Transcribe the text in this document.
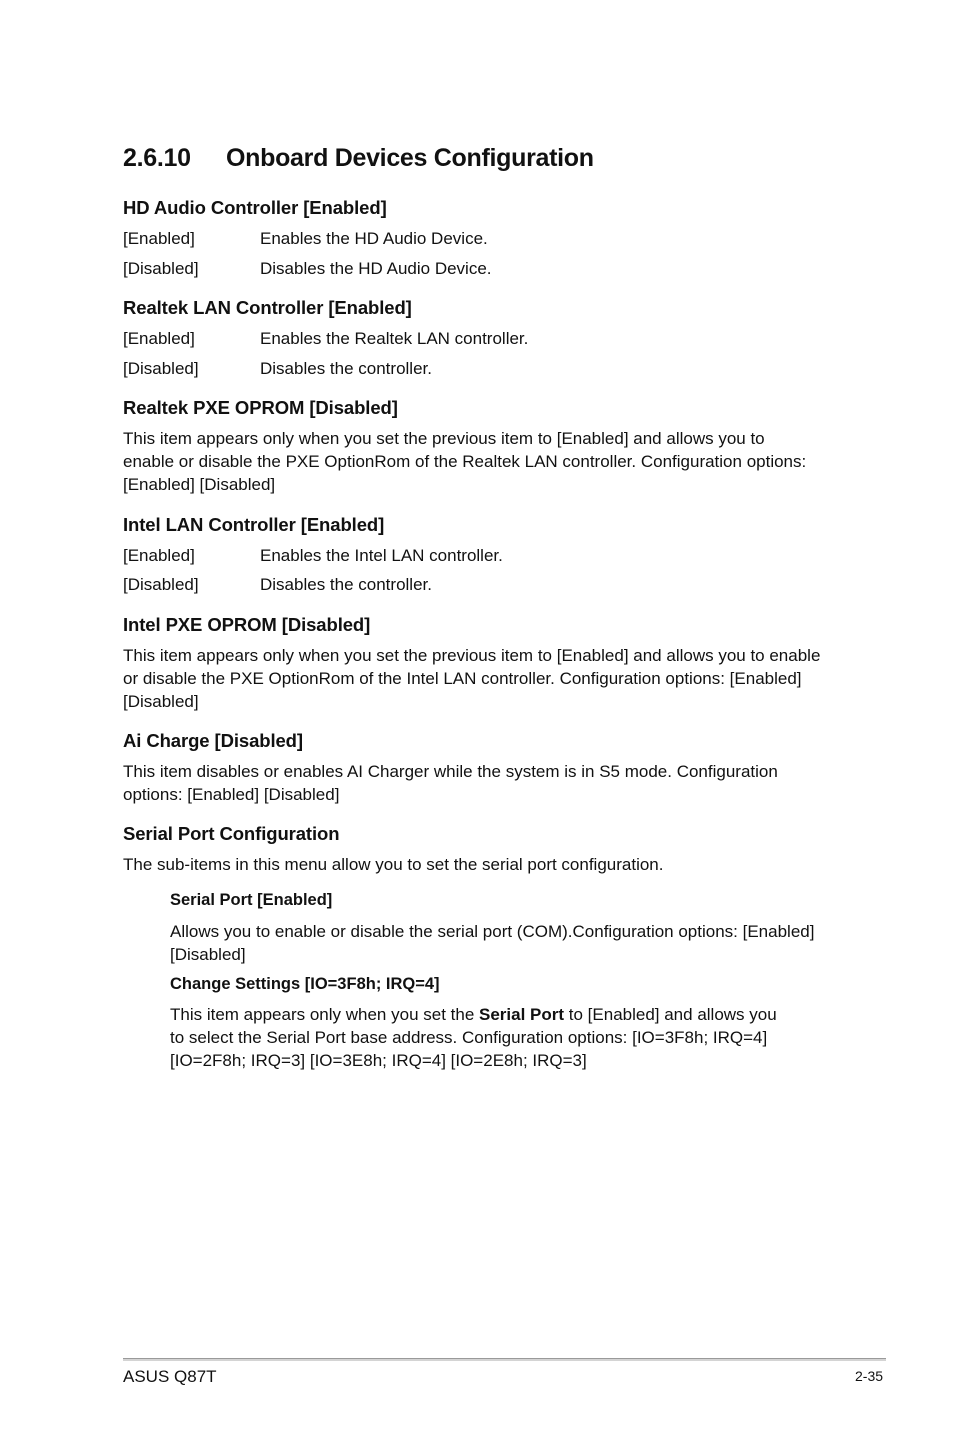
2.6.10 Onboard Devices Configuration
HD Audio Controller [Enabled]
[Enabled]	Enables the HD Audio Device.
[Disabled]	Disables the HD Audio Device.
Realtek LAN Controller [Enabled]
[Enabled]	Enables the Realtek LAN controller.
[Disabled]	Disables the controller.
Realtek PXE OPROM [Disabled]
This item appears only when you set the previous item to [Enabled] and allows you to
enable or disable the PXE OptionRom of the Realtek LAN controller. Configuration options:
[Enabled] [Disabled]
Intel LAN Controller [Enabled]
[Enabled]	Enables the Intel LAN controller.
[Disabled]	Disables the controller.
Intel PXE OPROM [Disabled]
This item appears only when you set the previous item to [Enabled] and allows you to enable
or disable the PXE OptionRom of the Intel LAN controller. Configuration options: [Enabled]
[Disabled]
Ai Charge [Disabled]
This item disables or enables AI Charger while the system is in S5 mode. Configuration
options: [Enabled] [Disabled]
Serial Port Configuration
The sub-items in this menu allow you to set the serial port configuration.
Serial Port [Enabled]
Allows you to enable or disable the serial port (COM).Configuration options: [Enabled]
[Disabled]
Change Settings [IO=3F8h; IRQ=4]
This item appears only when you set the Serial Port to [Enabled] and allows you
to select the Serial Port base address. Configuration options: [IO=3F8h; IRQ=4]
[IO=2F8h; IRQ=3] [IO=3E8h; IRQ=4] [IO=2E8h; IRQ=3]
ASUS Q87T	2-35
